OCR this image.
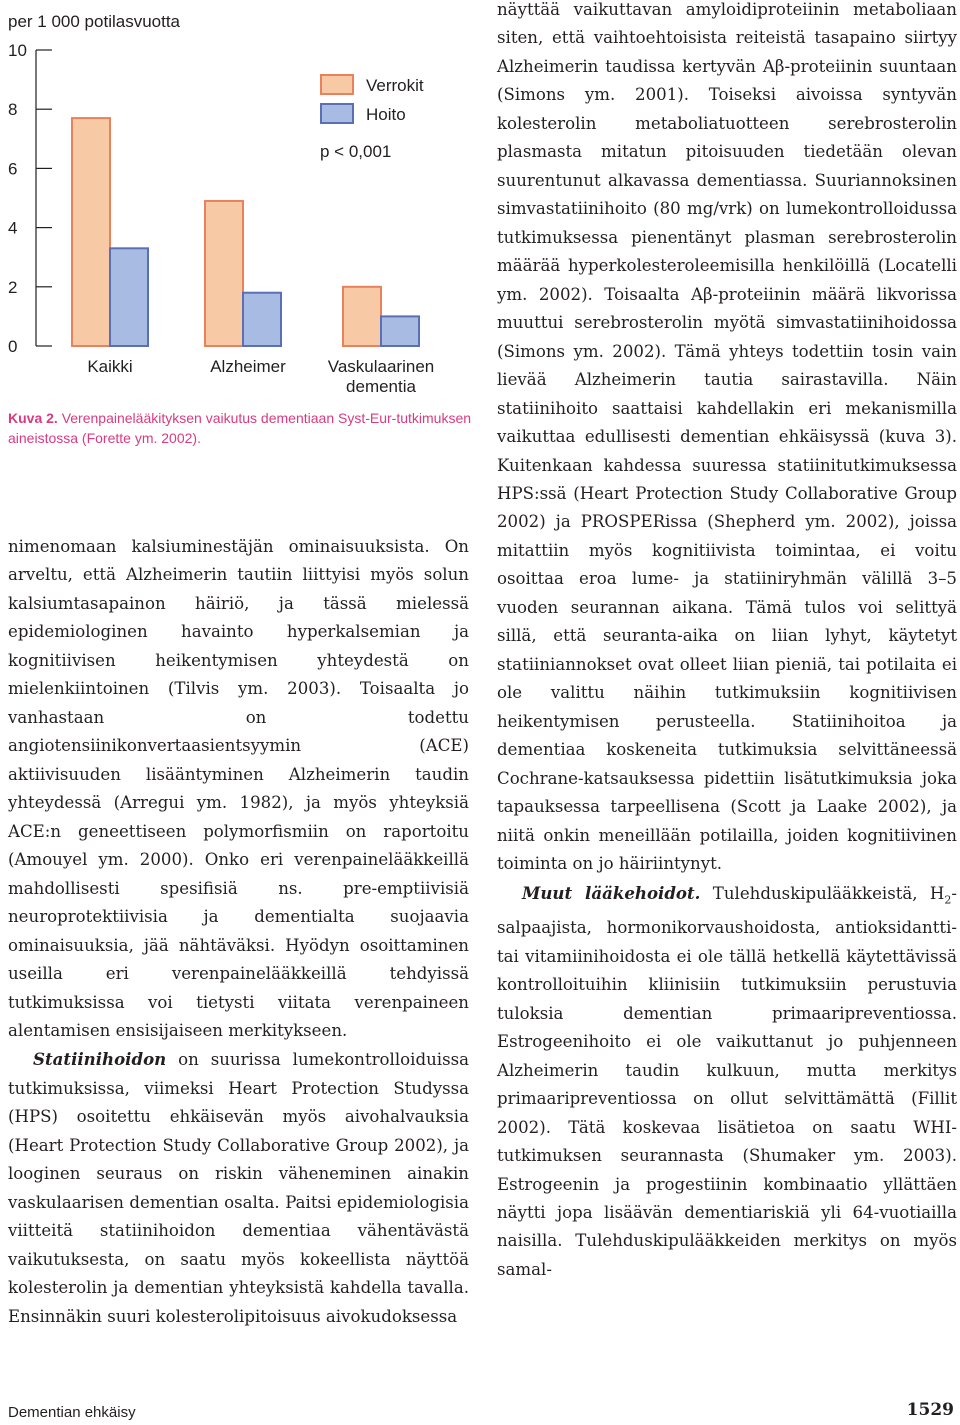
per 1 000 potilasvuotta
0
2
4
6
8
10
Kaikki	Alzheimer Vaskulaarinen
dementia
Verrokit
Hoito
p < 0,001
Kuva 2. Verenpainelääkityksen vaikutus dementiaan Syst-Eur-tutkimuksen aineistossa (Forette ym. 2002).

nimenomaan kalsiuminestäjän ominaisuuksista. On arveltu, että Alzheimerin tautiin liittyisi myös solun kalsiumtasapainon häiriö, ja tässä mielessä epidemiologinen havainto hyperkalsemian ja kognitiivisen heikentymisen yhteydestä on mielenkiintoinen (Tilvis ym. 2003). Toisaalta jo vanhastaan on todettu angiotensiinikonvertaasientsyymin (ACE) aktiivisuuden lisääntyminen Alzheimerin taudin yhteydessä (Arregui ym. 1982), ja myös yhteyksiä ACE:n geneettiseen polymorfismiin on raportoitu (Amouyel ym. 2000). Onko eri verenpainelääkkeillä mahdollisesti spesifisiä ns. pre-emptiivisiä neuroprotektiivisia ja dementialta suojaavia ominaisuuksia, jää nähtäväksi. Hyödyn osoittaminen useilla eri verenpainelääkkeillä tehdyissä tutkimuksissa voi tietysti viitata verenpaineen alentamisen ensisijaiseen merkitykseen.

Statiinihoidon on suurissa lumekontrolloiduissa tutkimuksissa, viimeksi Heart Protection Studyssa (HPS) osoitettu ehkäisevän myös aivohalvauksia (Heart Protection Study Collaborative Group 2002), ja looginen seuraus on riskin väheneminen ainakin vaskulaarisen dementian osalta. Paitsi epidemiologisia viitteitä statiinihoidon dementiaa vähentävästä vaikutuksesta, on saatu myös kokeellista näyttöä kolesterolin ja dementian yhteyksistä kahdella tavalla. Ensinnäkin suuri kolesterolipitoisuus aivokudoksessa

näyttää vaikuttavan amyloidiproteiinin metaboliaan siten, että vaihtoehtoisista reiteistä tasapaino siirtyy Alzheimerin taudissa kertyvän Aβ-proteiinin suuntaan (Simons ym. 2001). Toiseksi aivoissa syntyvän kolesterolin metaboliatuotteen serebrosterolin plasmasta mitatun pitoisuuden tiedetään olevan suurentunut alkavassa dementiassa. Suuriannoksinen simvastatiinihoito (80 mg/vrk) on lumekontrolloidussa tutkimuksessa pienentänyt plasman serebrosterolin määrää hyperkolesteroleemisilla henkilöillä (Locatelli ym. 2002). Toisaalta Aβ-proteiinin määrä likvorissa muuttui serebrosterolin myötä simvastatiinihoidossa (Simons ym. 2002). Tämä yhteys todettiin tosin vain lievää Alzheimerin tautia sairastavilla. Näin statiinihoito saattaisi kahdellakin eri mekanismilla vaikuttaa edullisesti dementian ehkäisyssä (kuva 3). Kuitenkaan kahdessa suuressa statiinitutkimuksessa HPS:ssä (Heart Protection Study Collaborative Group 2002) ja PROSPERissa (Shepherd ym. 2002), joissa mitattiin myös kognitiivista toimintaa, ei voitu osoittaa eroa lume- ja statiiniryhmän välillä 3–5 vuoden seurannan aikana. Tämä tulos voi selittyä sillä, että seuranta-aika on liian lyhyt, käytetyt statiiniannokset ovat olleet liian pieniä, tai potilaita ei ole valittu näihin tutkimuksiin kognitiivisen heikentymisen perusteella. Statiinihoitoa ja dementiaa koskeneita tutkimuksia selvittäneessä Cochrane-katsauksessa pidettiin lisätutkimuksia joka tapauksessa tarpeellisena (Scott ja Laake 2002), ja niitä onkin meneillään potilailla, joiden kognitiivinen toiminta on jo häiriintynyt.

Muut lääkehoidot. Tulehduskipulääkkeistä, $H_2$-salpaajista, hormonikorvaushoidosta, antioksidantti- tai vitamiinihoidosta ei ole tällä hetkellä käytettävissä kontrolloituihin kliinisiin tutkimuksiin perustuvia tuloksia dementian primaaripreventiossa. Estrogeenihoito ei ole vaikuttanut jo puhjenneen Alzheimerin taudin kulkuun, mutta merkitys primaaripreventiossa on ollut selvittämättä (Fillit 2002). Tätä koskevaa lisätietoa on saatu WHI-tutkimuksen seurannasta (Shumaker ym. 2003). Estrogeenin ja progestiinin kombinaatio yllättäen näytti jopa lisäävän dementiariskiä yli 64-vuotiailla naisilla. Tulehduskipulääkkeiden merkitys on myös samal-

Dementian ehkäisy	1529
